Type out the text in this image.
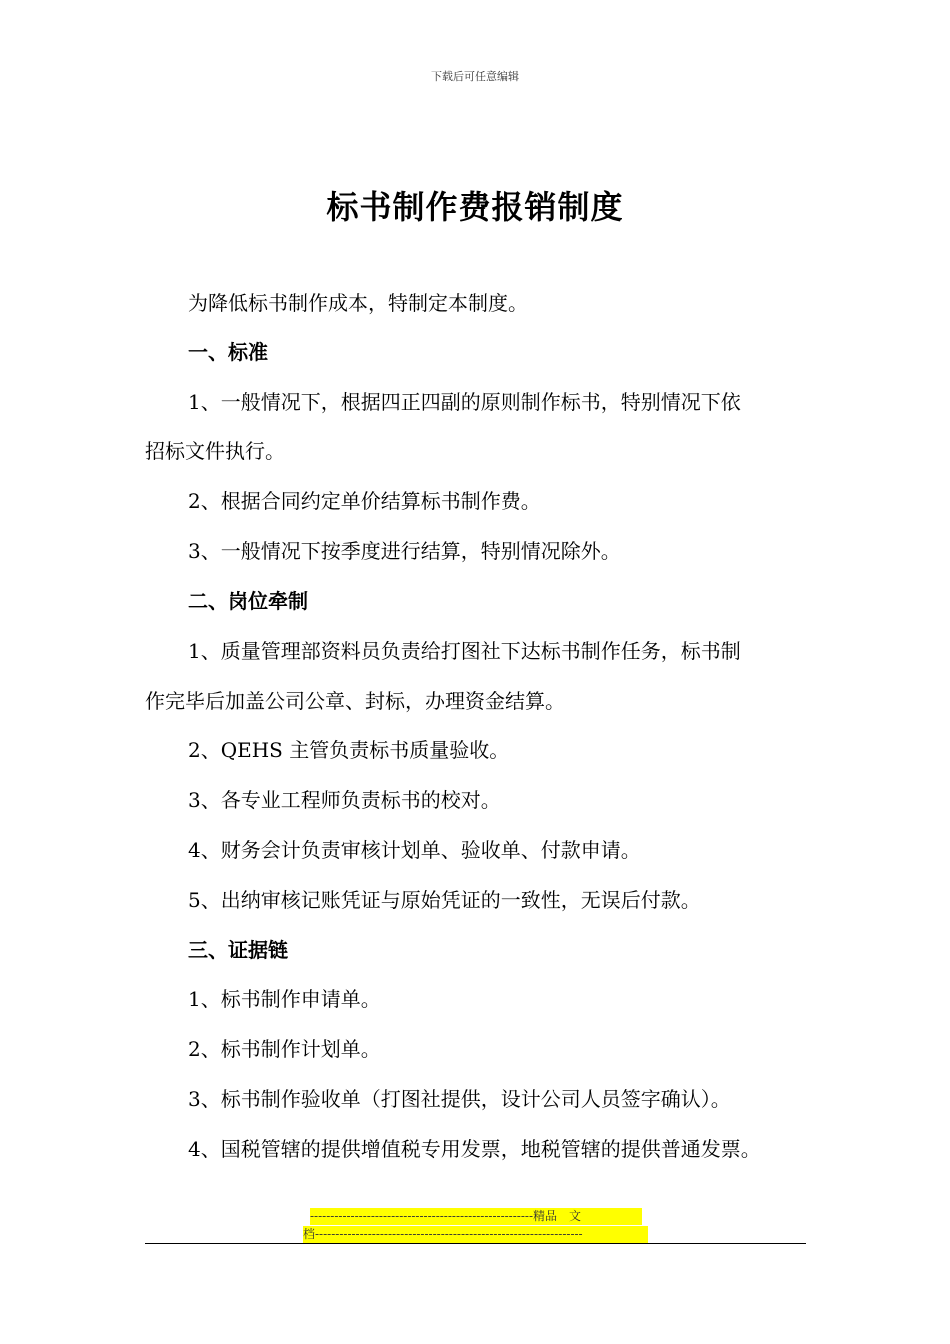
下载后可任意编辑
标书制作费报销制度
为降低标书制作成本，特制定本制度。
一、标准
1、一般情况下，根据四正四副的原则制作标书，特别情况下依
招标文件执行。
2、根据合同约定单价结算标书制作费。
3、一般情况下按季度进行结算，特别情况除外。
二、岗位牵制
1、质量管理部资料员负责给打图社下达标书制作任务，标书制
作完毕后加盖公司公章、封标，办理资金结算。
2、QEHS 主管负责标书质量验收。
3、各专业工程师负责标书的校对。
4、财务会计负责审核计划单、验收单、付款申请。
5、出纳审核记账凭证与原始凭证的一致性，无误后付款。
三、证据链
1、标书制作申请单。
2、标书制作计划单。
3、标书制作验收单（打图社提供，设计公司人员签字确认）。
4、国税管辖的提供增值税专用发票，地税管辖的提供普通发票。
-------------------------------------------------------精品　文
档------------------------------------------------------------------
